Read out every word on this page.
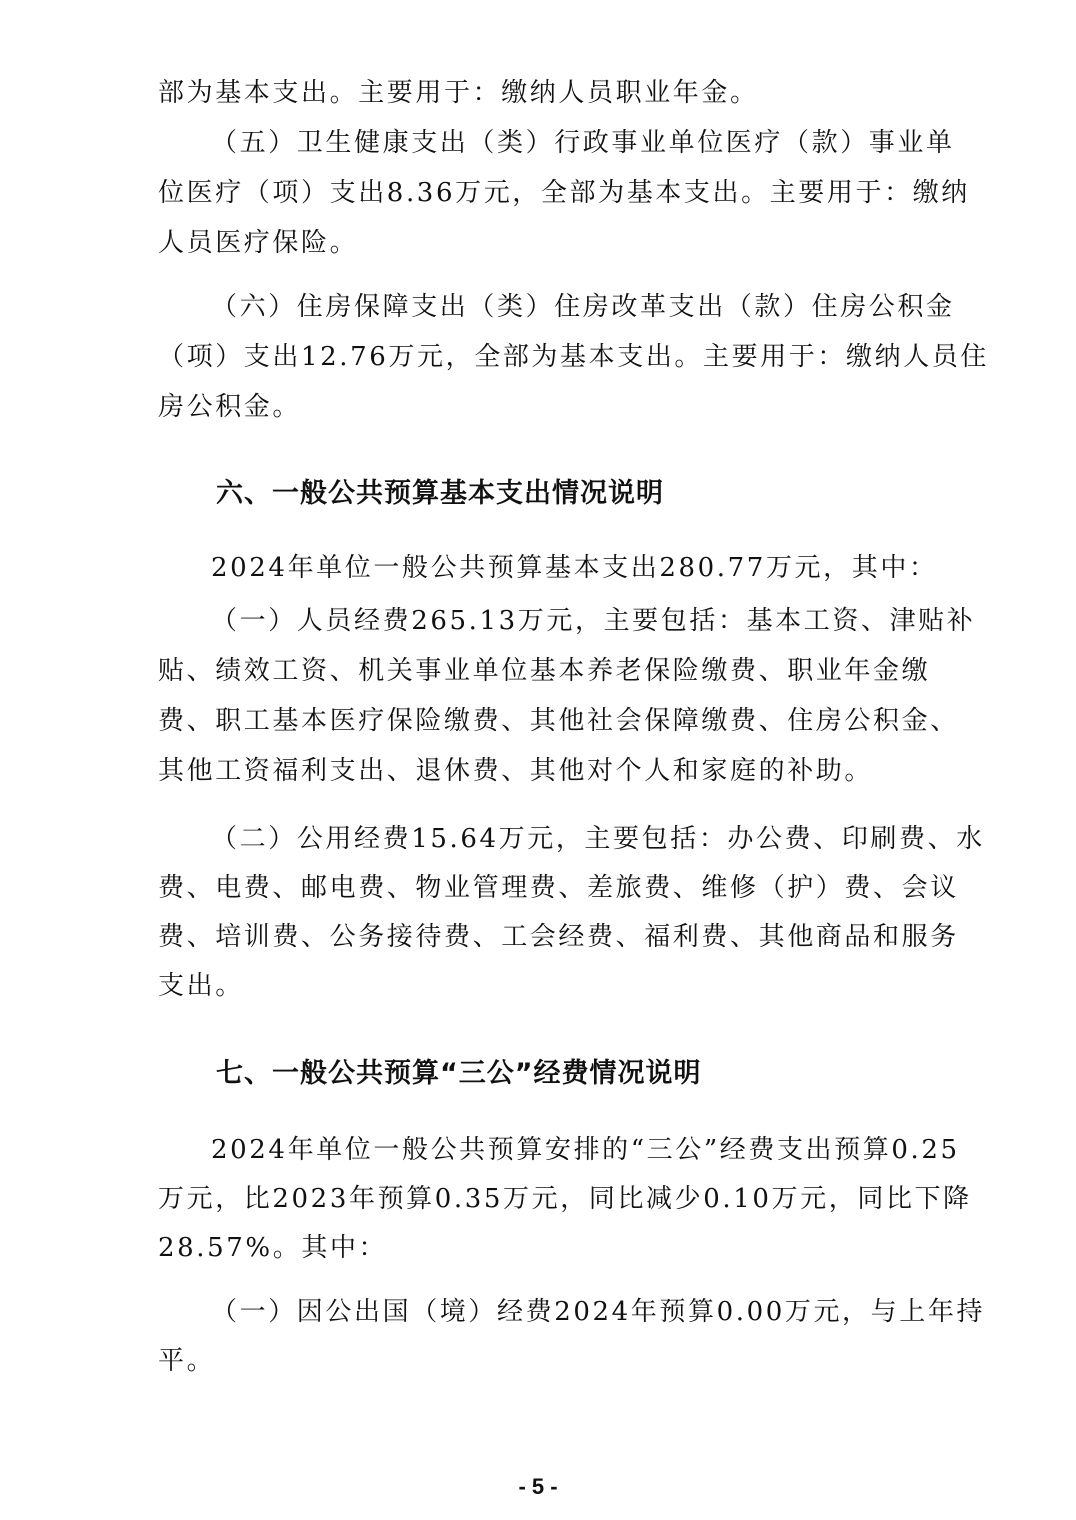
部为基本支出。主要用于：缴纳人员职业年金。
（五）卫生健康支出（类）行政事业单位医疗（款）事业单
位医疗（项）支出8.36万元，全部为基本支出。主要用于：缴纳
人员医疗保险。
（六）住房保障支出（类）住房改革支出（款）住房公积金
（项）支出12.76万元，全部为基本支出。主要用于：缴纳人员住
房公积金。
六、一般公共预算基本支出情况说明
2024年单位一般公共预算基本支出280.77万元，其中：
（一）人员经费265.13万元，主要包括：基本工资、津贴补
贴、绩效工资、机关事业单位基本养老保险缴费、职业年金缴
费、职工基本医疗保险缴费、其他社会保障缴费、住房公积金、
其他工资福利支出、退休费、其他对个人和家庭的补助。
（二）公用经费15.64万元，主要包括：办公费、印刷费、水
费、电费、邮电费、物业管理费、差旅费、维修（护）费、会议
费、培训费、公务接待费、工会经费、福利费、其他商品和服务
支出。
七、一般公共预算“三公”经费情况说明
2024年单位一般公共预算安排的“三公”经费支出预算0.25
万元，比2023年预算0.35万元，同比减少0.10万元，同比下降
28.57%。其中：
（一）因公出国（境）经费2024年预算0.00万元，与上年持
平。
- 5 -
